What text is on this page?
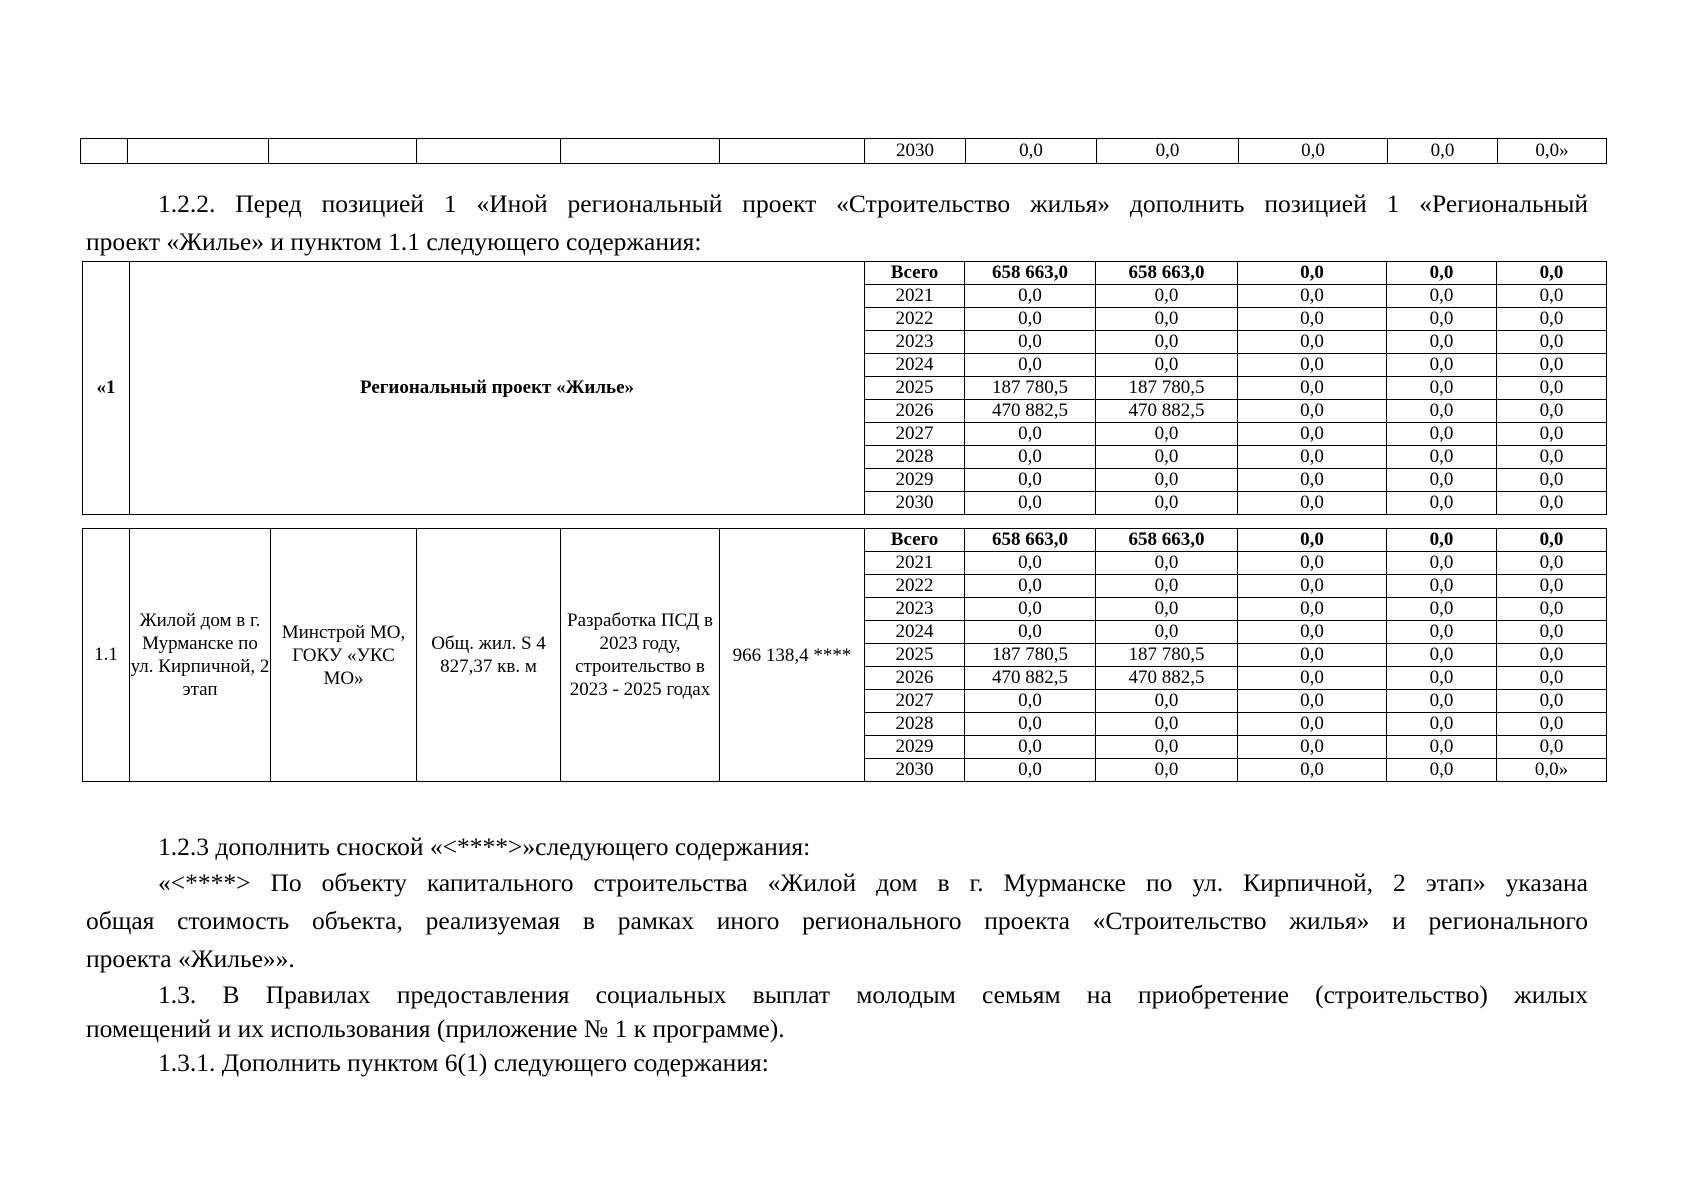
						2030	0,0	0,0	0,0	0,0	0,0»
1.2.2. Перед позицией 1 «Иной региональный проект «Строительство жилья» дополнить позицией 1 «Региональный
проект «Жилье» и пунктом 1.1 следующего содержания:
«1	Региональный проект «Жилье»	Всего	658 663,0	658 663,0	0,0	0,0	0,0
		2021	0,0	0,0	0,0	0,0	0,0
		2022	0,0	0,0	0,0	0,0	0,0
		2023	0,0	0,0	0,0	0,0	0,0
		2024	0,0	0,0	0,0	0,0	0,0
		2025	187 780,5	187 780,5	0,0	0,0	0,0
		2026	470 882,5	470 882,5	0,0	0,0	0,0
		2027	0,0	0,0	0,0	0,0	0,0
		2028	0,0	0,0	0,0	0,0	0,0
		2029	0,0	0,0	0,0	0,0	0,0
		2030	0,0	0,0	0,0	0,0	0,0
1.1	Жилой дом в г. Мурманске по ул. Кирпичной, 2 этап	Минстрой МО, ГОКУ «УКС МО»	Общ. жил. S 4 827,37 кв. м	Разработка ПСД в 2023 году, строительство в 2023 - 2025 годах	966 138,4 ****	Всего	658 663,0	658 663,0	0,0	0,0	0,0
						2021	0,0	0,0	0,0	0,0	0,0
						2022	0,0	0,0	0,0	0,0	0,0
						2023	0,0	0,0	0,0	0,0	0,0
						2024	0,0	0,0	0,0	0,0	0,0
						2025	187 780,5	187 780,5	0,0	0,0	0,0
						2026	470 882,5	470 882,5	0,0	0,0	0,0
						2027	0,0	0,0	0,0	0,0	0,0
						2028	0,0	0,0	0,0	0,0	0,0
						2029	0,0	0,0	0,0	0,0	0,0
						2030	0,0	0,0	0,0	0,0	0,0»
1.2.3 дополнить сноской «<****>»следующего содержания:
«<****> По объекту капитального строительства «Жилой дом в г. Мурманске по ул. Кирпичной, 2 этап» указана
общая стоимость объекта, реализуемая в рамках иного регионального проекта «Строительство жилья» и регионального
проекта «Жилье»».
1.3. В Правилах предоставления социальных выплат молодым семьям на приобретение (строительство) жилых
помещений и их использования (приложение № 1 к программе).
1.3.1. Дополнить пунктом 6(1) следующего содержания:
